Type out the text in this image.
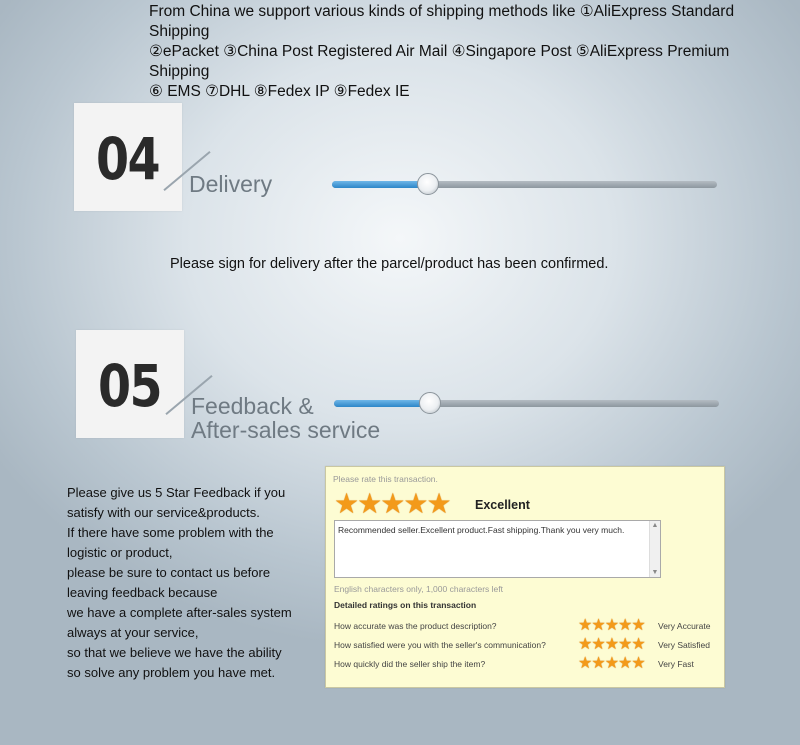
From China we support various kinds of shipping methods like ①AliExpress Standard Shipping
②ePacket ③China Post Registered Air Mail ④Singapore Post ⑤AliExpress Premium Shipping
⑥ EMS ⑦DHL ⑧Fedex IP ⑨Fedex IE
04 Delivery
Please sign for delivery after the parcel/product has been confirmed.
05 Feedback &
After-sales service
Please give us 5 Star Feedback if you
satisfy with our service&products.
If there have some problem with the
logistic or product,
please be sure to contact us before
leaving feedback because
we have a complete after-sales system
always at your service,
so that we believe we have the ability
so solve any problem you have met.
Please rate this transaction.
★★★★★ Excellent
Recommended seller.Excellent product.Fast shipping.Thank you very much.	▲
▼
English characters only, 1,000 characters left
Detailed ratings on this transaction
How accurate was the product description?	★★★★★ Very Accurate
How satisfied were you with the seller's communication? ★★★★★ Very Satisfied
How quickly did the seller ship the item?	★★★★★ Very Fast
